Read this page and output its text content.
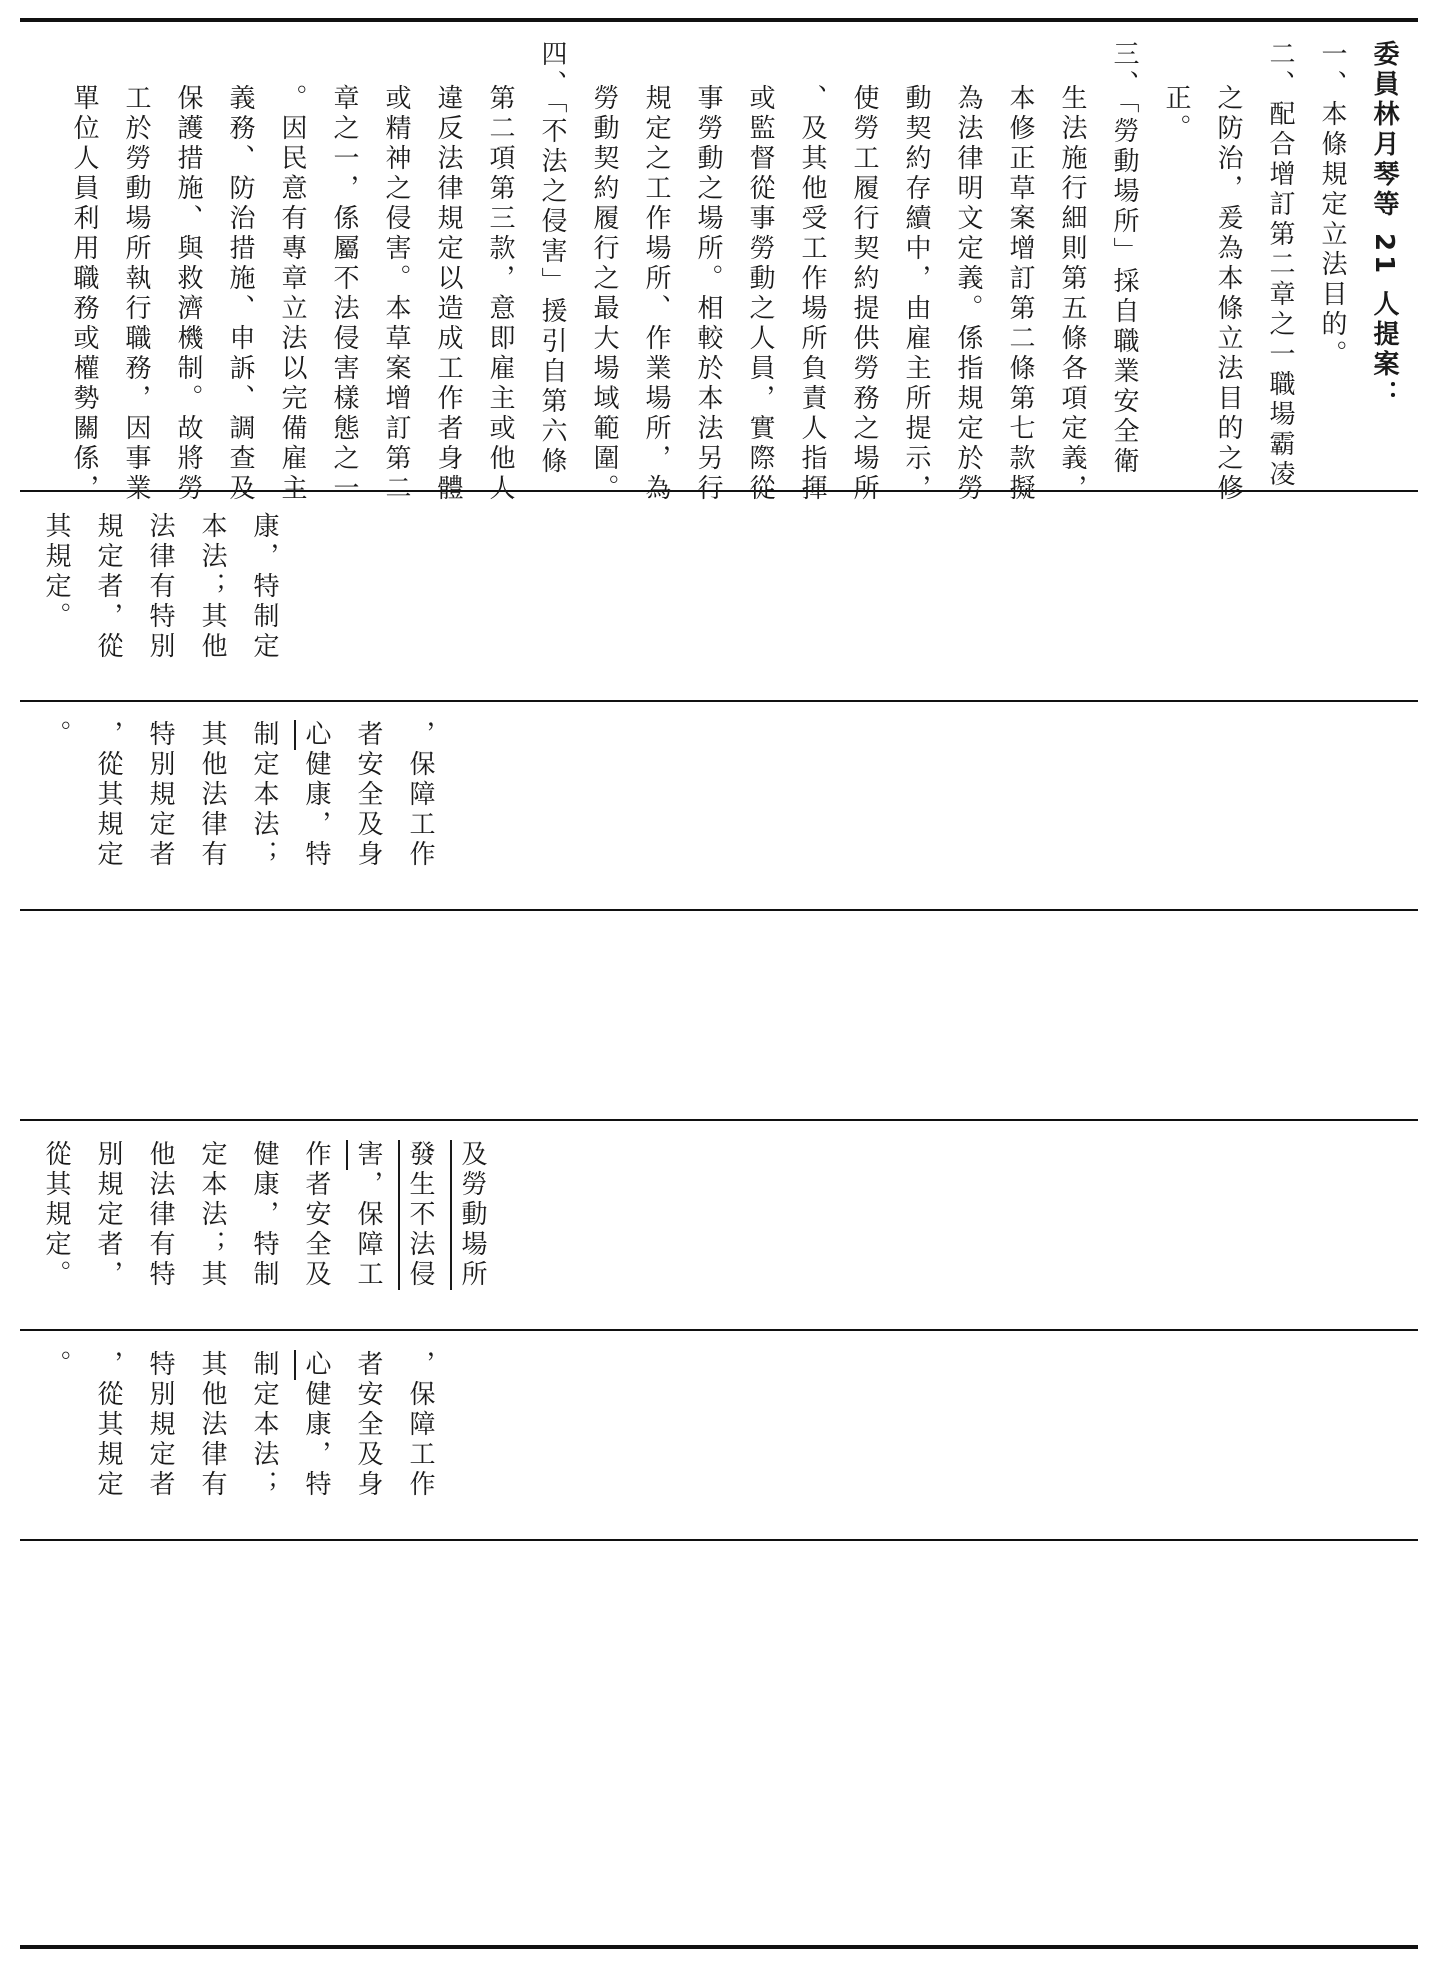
委員林月琴等 21 人提案：
一、本條規定立法目的。
二、配合增訂第二章之一職場霸凌
之防治，爰為本條立法目的之修
正。
三、「勞動場所」採自職業安全衛
生法施行細則第五條各項定義，
本修正草案增訂第二條第七款擬
為法律明文定義。係指規定於勞
動契約存續中，由雇主所提示，
使勞工履行契約提供勞務之場所
、及其他受工作場所負責人指揮
或監督從事勞動之人員，實際從
事勞動之場所。相較於本法另行
規定之工作場所、作業場所，為
勞動契約履行之最大場域範圍。
四、「不法之侵害」援引自第六條
第二項第三款，意即雇主或他人
違反法律規定以造成工作者身體
或精神之侵害。本草案增訂第二
章之一，係屬不法侵害樣態之一
。因民意有專章立法以完備雇主
義務、防治措施、申訴、調查及
保護措施、與救濟機制。故將勞
工於勞動場所執行職務，因事業
單位人員利用職務或權勢關係，
康，特制定
本法；其他
法律有特別
規定者，從
其規定。
，保障工作
者安全及身
心健康，特
制定本法；
其他法律有
特別規定者
，從其規定
。
及勞動場所
發生不法侵
害，保障工
作者安全及
健康，特制
定本法；其
他法律有特
別規定者，
從其規定。
，保障工作
者安全及身
心健康，特
制定本法；
其他法律有
特別規定者
，從其規定
。
